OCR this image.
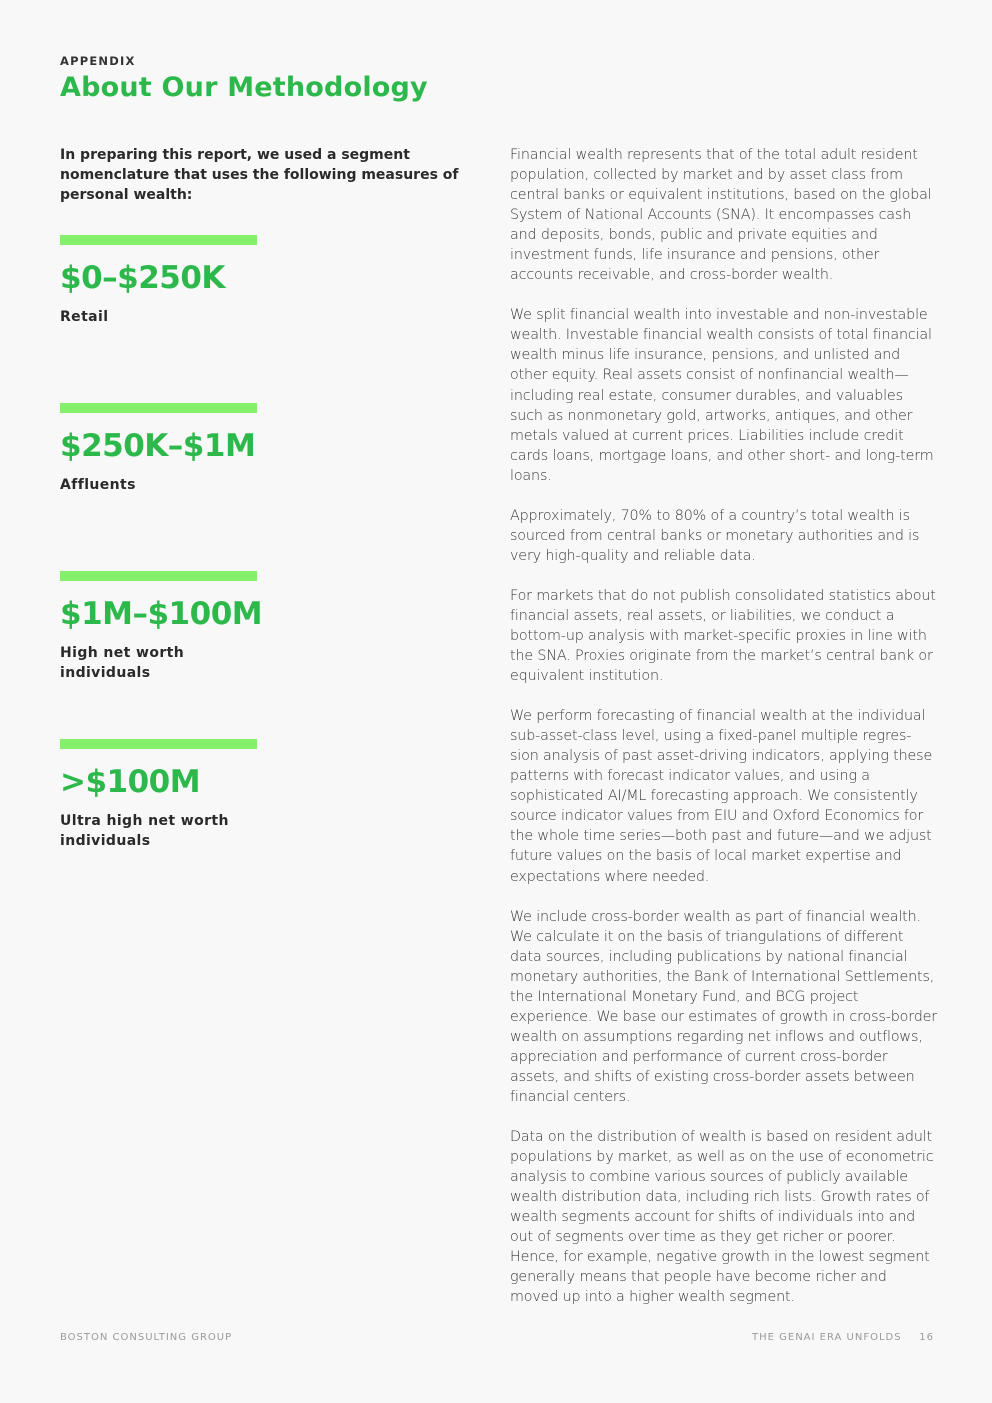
APPENDIX
About Our Methodology
In preparing this report, we used a segment nomenclature that uses the following measures of personal wealth:
$0–$250K
Retail
$250K–$1M
Affluents
$1M–$100M
High net worth individuals
>$100M
Ultra high net worth individuals

Financial wealth represents that of the total adult resident population, collected by market and by asset class from central banks or equivalent institutions, based on the global System of National Accounts (SNA). It encompasses cash and deposits, bonds, public and private equities and investment funds, life insurance and pensions, other accounts receivable, and cross-border wealth.

We split financial wealth into investable and non-investable wealth. Investable financial wealth consists of total financial wealth minus life insurance, pensions, and unlisted and other equity. Real assets consist of nonfinancial wealth—including real estate, consumer durables, and valuables such as nonmonetary gold, artworks, antiques, and other metals valued at current prices. Liabilities include credit cards loans, mortgage loans, and other short- and long-term loans.

Approximately, 70% to 80% of a country’s total wealth is sourced from central banks or monetary authorities and is very high-quality and reliable data.

For markets that do not publish consolidated statistics about financial assets, real assets, or liabilities, we conduct a bottom-up analysis with market-specific proxies in line with the SNA. Proxies originate from the market’s central bank or equivalent institution.

We perform forecasting of financial wealth at the individual sub-asset-class level, using a fixed-panel multiple regres-sion analysis of past asset-driving indicators, applying these patterns with forecast indicator values, and using a sophisticated AI/ML forecasting approach. We consistently source indicator values from EIU and Oxford Economics for the whole time series—both past and future—and we adjust future values on the basis of local market expertise and expectations where needed.

We include cross-border wealth as part of financial wealth. We calculate it on the basis of triangulations of different data sources, including publications by national financial monetary authorities, the Bank of International Settlements, the International Monetary Fund, and BCG project experience. We base our estimates of growth in cross-border wealth on assumptions regarding net inflows and outflows, appreciation and performance of current cross-border assets, and shifts of existing cross-border assets between financial centers.

Data on the distribution of wealth is based on resident adult populations by market, as well as on the use of econometric analysis to combine various sources of publicly available wealth distribution data, including rich lists. Growth rates of wealth segments account for shifts of individuals into and out of segments over time as they get richer or poorer. Hence, for example, negative growth in the lowest segment generally means that people have become richer and moved up into a higher wealth segment.

BOSTON CONSULTING GROUP	THE GENAI ERA UNFOLDS 16
